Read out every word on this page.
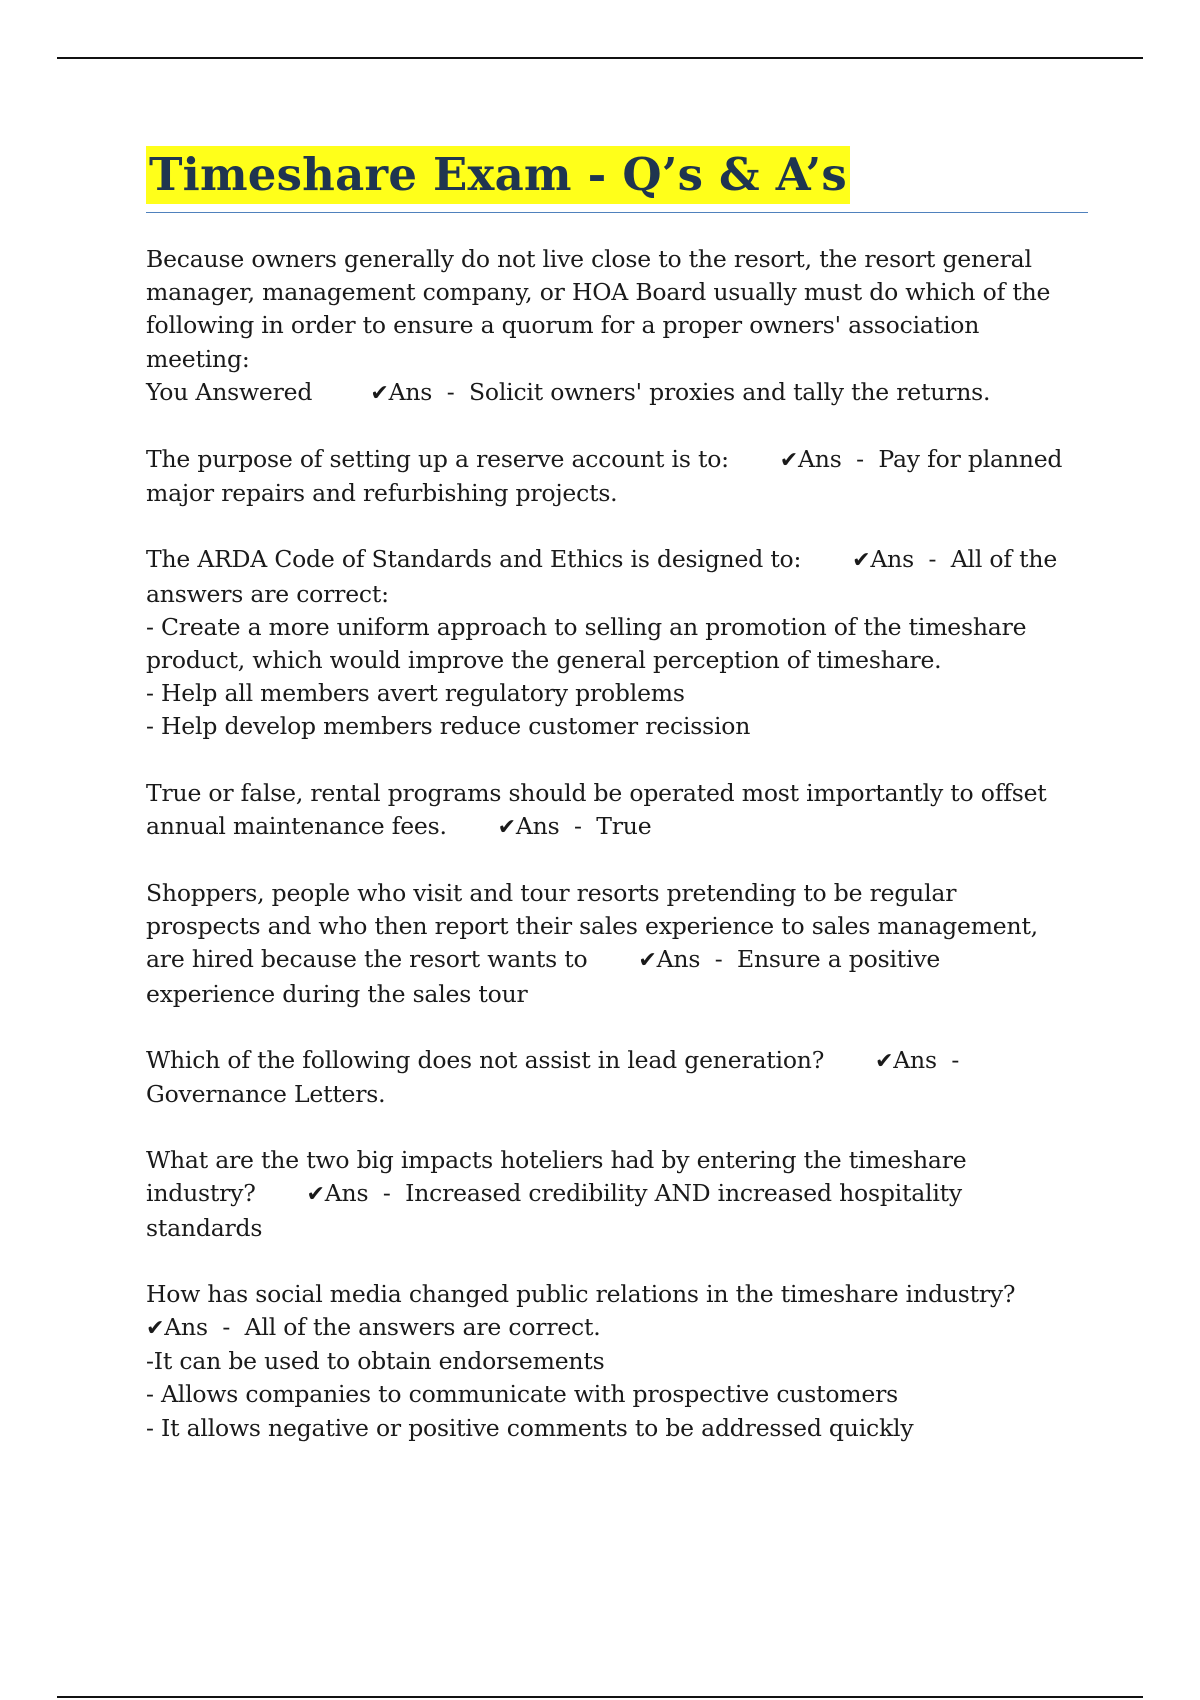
Timeshare Exam - Q’s & A’s
Because owners generally do not live close to the resort, the resort general
manager, management company, or HOA Board usually must do which of the
following in order to ensure a quorum for a proper owners' association
meeting:
You Answered        ✔Ans  -  Solicit owners' proxies and tally the returns.
The purpose of setting up a reserve account is to:       ✔Ans  -  Pay for planned
major repairs and refurbishing projects.
The ARDA Code of Standards and Ethics is designed to:       ✔Ans  -  All of the
answers are correct:
- Create a more uniform approach to selling an promotion of the timeshare
product, which would improve the general perception of timeshare.
- Help all members avert regulatory problems
- Help develop members reduce customer recission
True or false, rental programs should be operated most importantly to offset
annual maintenance fees.       ✔Ans  -  True
Shoppers, people who visit and tour resorts pretending to be regular
prospects and who then report their sales experience to sales management,
are hired because the resort wants to       ✔Ans  -  Ensure a positive
experience during the sales tour
Which of the following does not assist in lead generation?       ✔Ans  -
Governance Letters.
What are the two big impacts hoteliers had by entering the timeshare
industry?       ✔Ans  -  Increased credibility AND increased hospitality
standards
How has social media changed public relations in the timeshare industry?
✔Ans  -  All of the answers are correct.
-It can be used to obtain endorsements
- Allows companies to communicate with prospective customers
- It allows negative or positive comments to be addressed quickly
